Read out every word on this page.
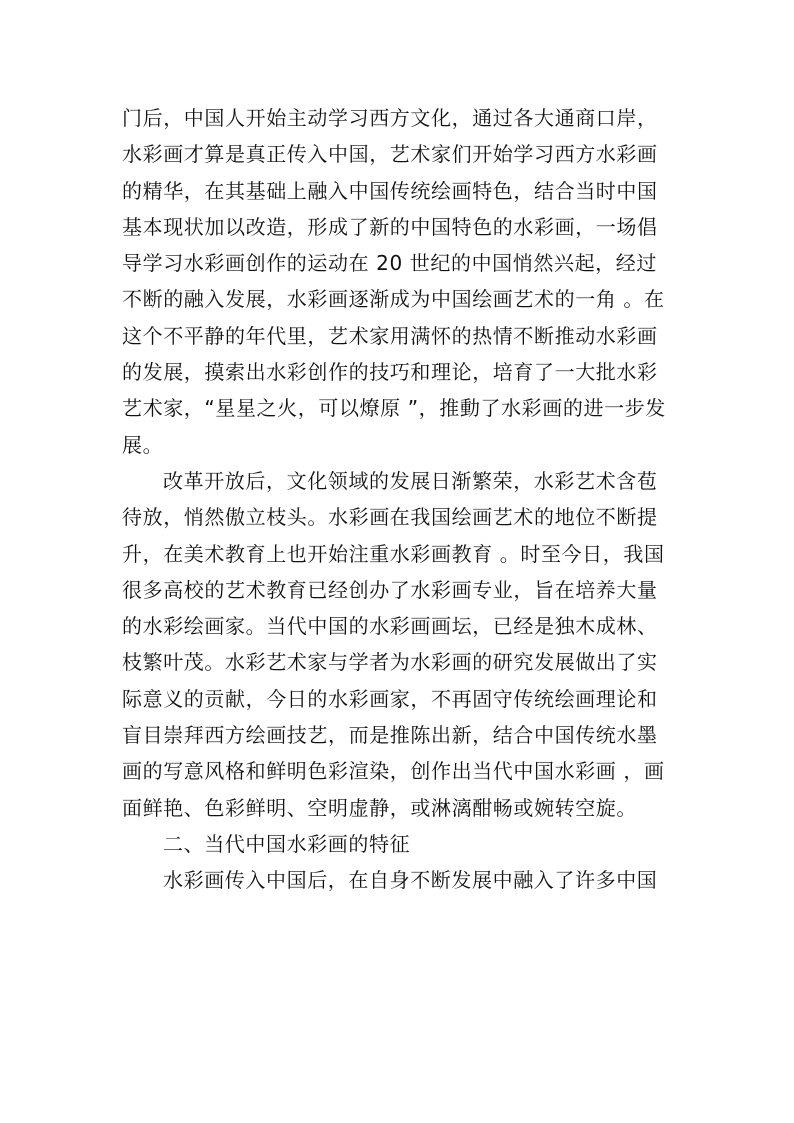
门后，中国人开始主动学习西方文化，通过各大通商口岸，
水彩画才算是真正传入中国，艺术家们开始学习西方水彩画
的精华，在其基础上融入中国传统绘画特色，结合当时中国
基本现状加以改造，形成了新的中国特色的水彩画，一场倡
导学习水彩画创作的运动在 20 世纪的中国悄然兴起，经过
不断的融入发展，水彩画逐渐成为中国绘画艺术的一角 。在
这个不平静的年代里，艺术家用满怀的热情不断推动水彩画
的发展，摸索出水彩创作的技巧和理论，培育了一大批水彩
艺术家，“星星之火，可以燎原 ”，推動了水彩画的进一步发
展。
改革开放后，文化领域的发展日渐繁荣，水彩艺术含苞
待放，悄然傲立枝头。水彩画在我国绘画艺术的地位不断提
升，在美术教育上也开始注重水彩画教育 。时至今日，我国
很多高校的艺术教育已经创办了水彩画专业，旨在培养大量
的水彩绘画家。当代中国的水彩画画坛，已经是独木成林、
枝繁叶茂。水彩艺术家与学者为水彩画的研究发展做出了实
际意义的贡献，今日的水彩画家，不再固守传统绘画理论和
盲目崇拜西方绘画技艺，而是推陈出新，结合中国传统水墨
画的写意风格和鲜明色彩渲染，创作出当代中国水彩画 ，画
面鲜艳、色彩鲜明、空明虚静，或淋漓酣畅或婉转空旋。
二、当代中国水彩画的特征
水彩画传入中国后，在自身不断发展中融入了许多中国
